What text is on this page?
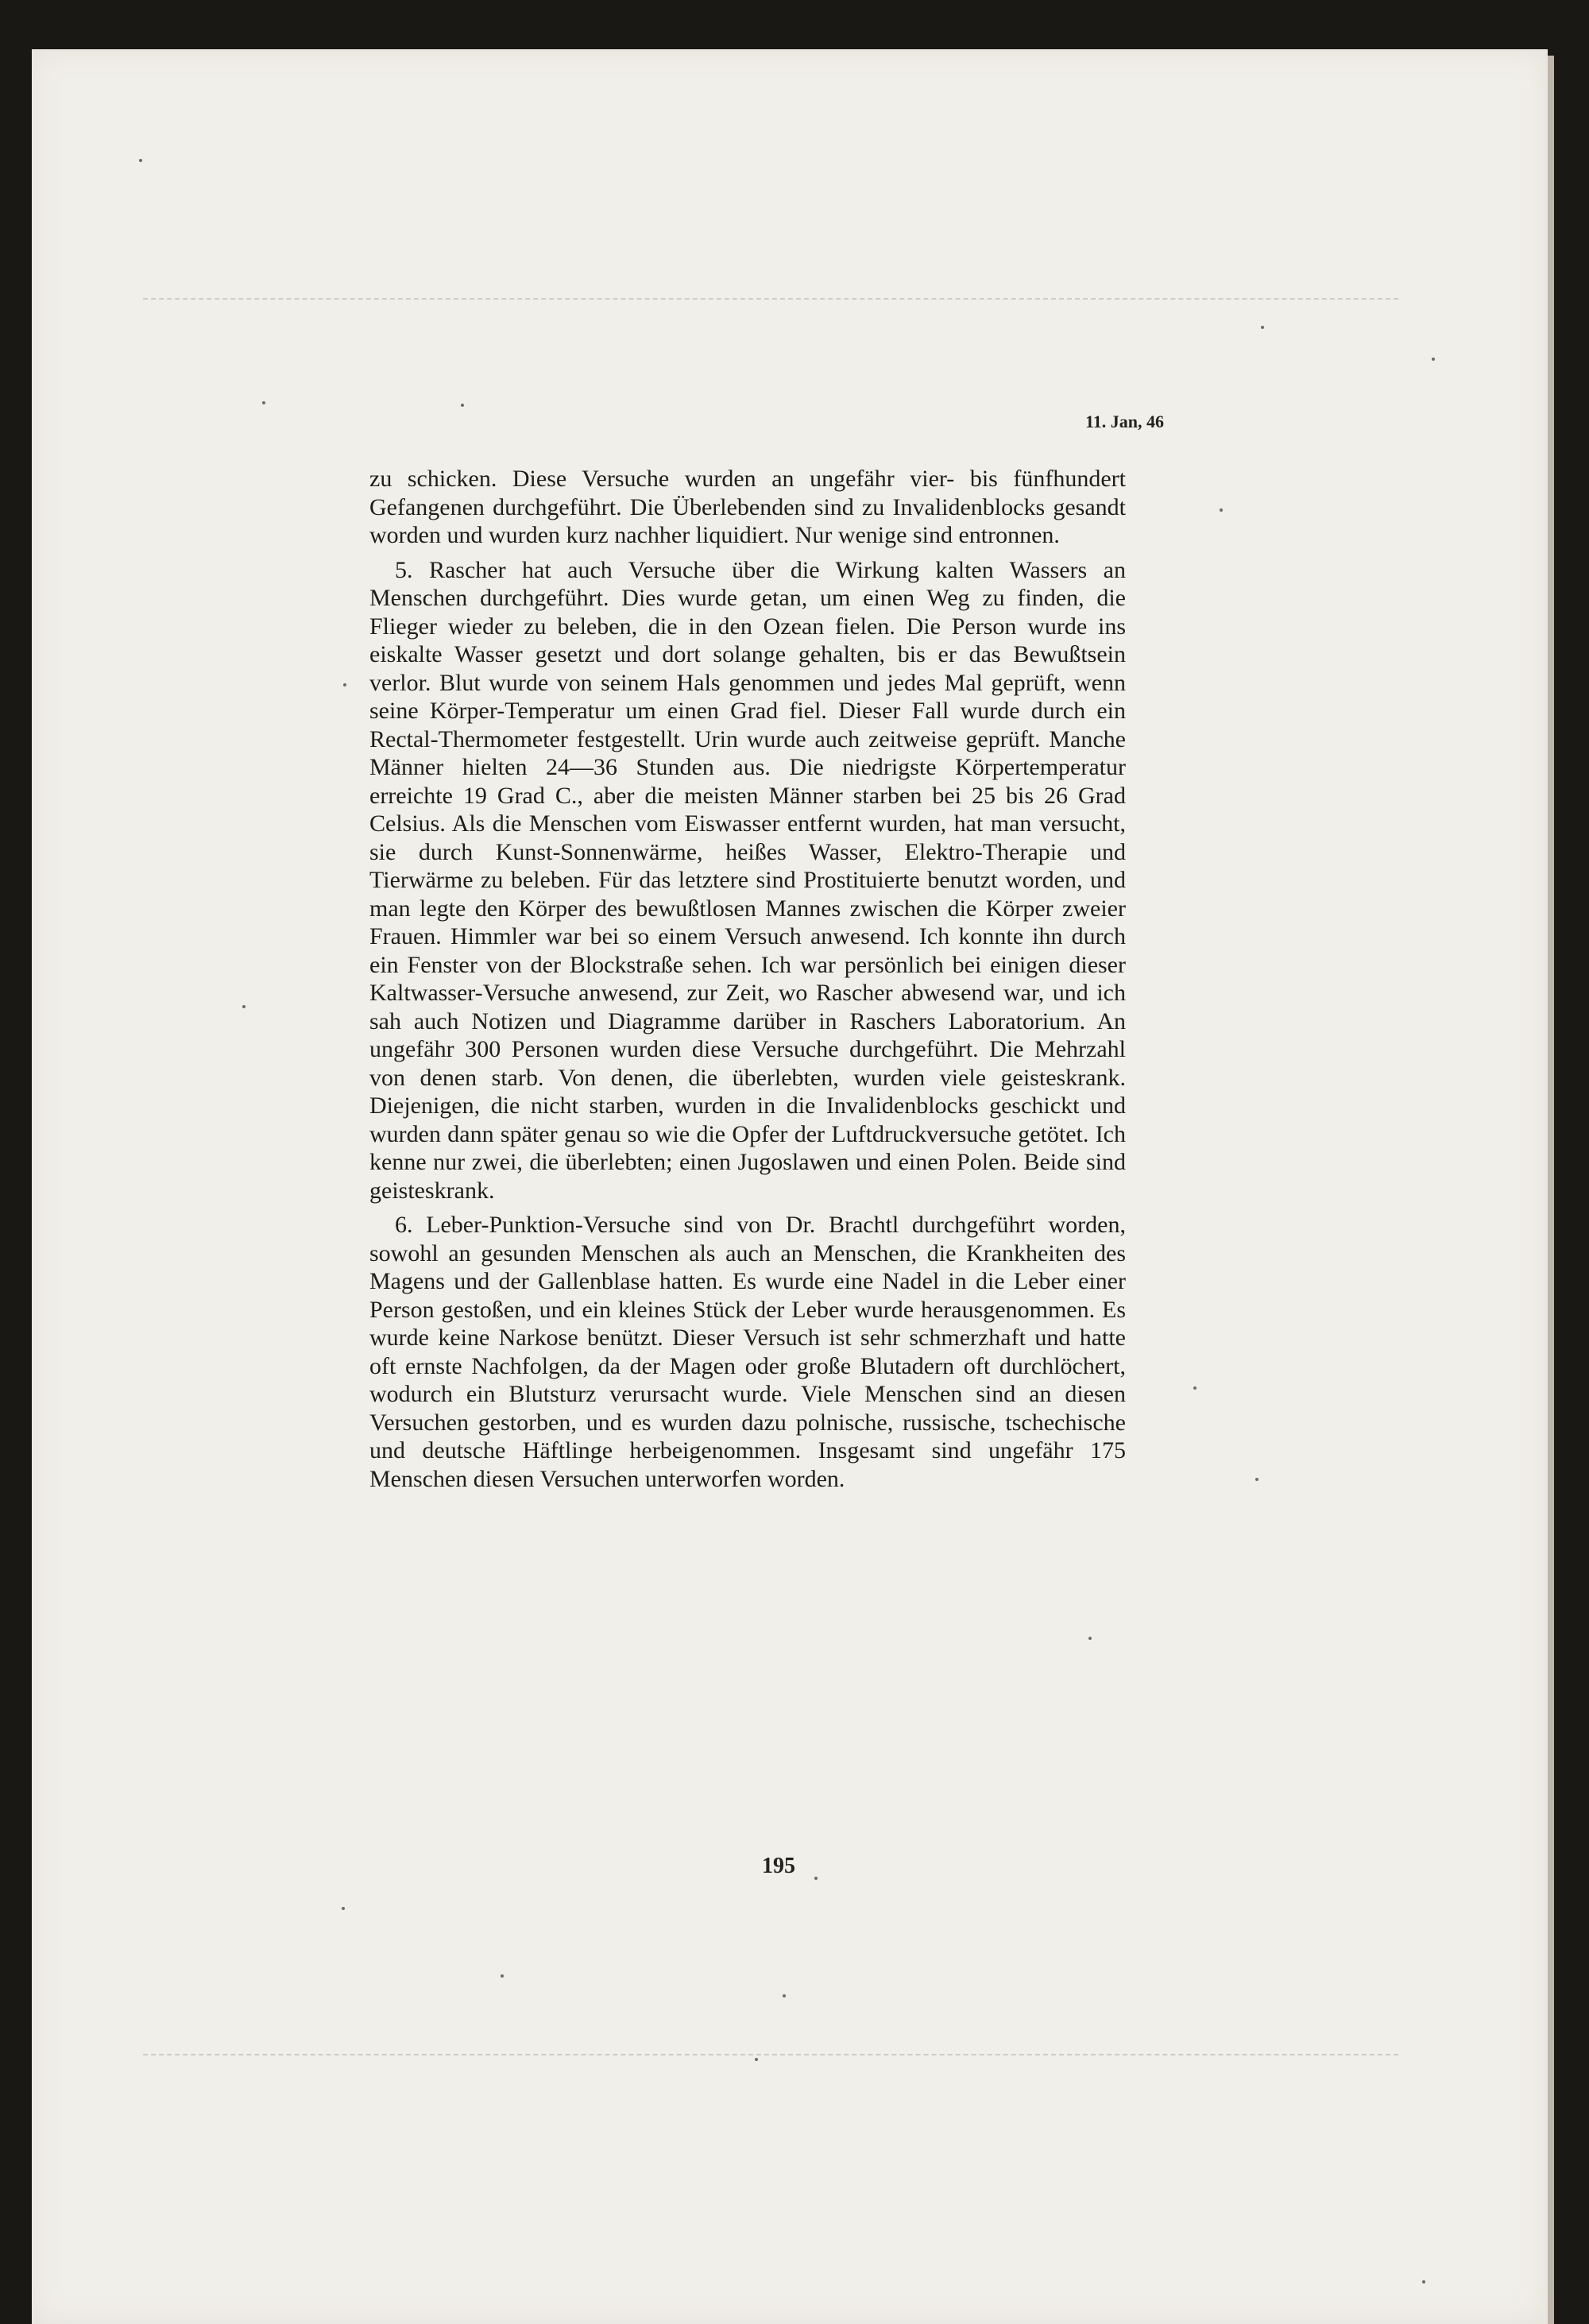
11. Jan, 46

zu schicken. Diese Versuche wurden an ungefähr vier- bis fünfhundert Gefangenen durchgeführt. Die Überlebenden sind zu Invalidenblocks gesandt worden und wurden kurz nachher liquidiert. Nur wenige sind entronnen.

5. Rascher hat auch Versuche über die Wirkung kalten Wassers an Menschen durchgeführt. Dies wurde getan, um einen Weg zu finden, die Flieger wieder zu beleben, die in den Ozean fielen. Die Person wurde ins eiskalte Wasser gesetzt und dort solange gehalten, bis er das Bewußtsein verlor. Blut wurde von seinem Hals genommen und jedes Mal geprüft, wenn seine Körper-Temperatur um einen Grad fiel. Dieser Fall wurde durch ein Rectal-Thermometer festgestellt. Urin wurde auch zeitweise geprüft. Manche Männer hielten 24—36 Stunden aus. Die niedrigste Körpertemperatur erreichte 19 Grad C., aber die meisten Männer starben bei 25 bis 26 Grad Celsius. Als die Menschen vom Eiswasser entfernt wurden, hat man versucht, sie durch Kunst-Sonnenwärme, heißes Wasser, Elektro-Therapie und Tierwärme zu beleben. Für das letztere sind Prostituierte benutzt worden, und man legte den Körper des bewußtlosen Mannes zwischen die Körper zweier Frauen. Himmler war bei so einem Versuch anwesend. Ich konnte ihn durch ein Fenster von der Blockstraße sehen. Ich war persönlich bei einigen dieser Kaltwasser-Versuche anwesend, zur Zeit, wo Rascher abwesend war, und ich sah auch Notizen und Diagramme darüber in Raschers Laboratorium. An ungefähr 300 Personen wurden diese Versuche durchgeführt. Die Mehrzahl von denen starb. Von denen, die überlebten, wurden viele geisteskrank. Diejenigen, die nicht starben, wurden in die Invalidenblocks geschickt und wurden dann später genau so wie die Opfer der Luftdruckversuche getötet. Ich kenne nur zwei, die überlebten; einen Jugoslawen und einen Polen. Beide sind geisteskrank.

6. Leber-Punktion-Versuche sind von Dr. Brachtl durchgeführt worden, sowohl an gesunden Menschen als auch an Menschen, die Krankheiten des Magens und der Gallenblase hatten. Es wurde eine Nadel in die Leber einer Person gestoßen, und ein kleines Stück der Leber wurde herausgenommen. Es wurde keine Narkose benützt. Dieser Versuch ist sehr schmerzhaft und hatte oft ernste Nachfolgen, da der Magen oder große Blutadern oft durchlöchert, wodurch ein Blutsturz verursacht wurde. Viele Menschen sind an diesen Versuchen gestorben, und es wurden dazu polnische, russische, tschechische und deutsche Häftlinge herbeigenommen. Insgesamt sind ungefähr 175 Menschen diesen Versuchen unterworfen worden.

195
